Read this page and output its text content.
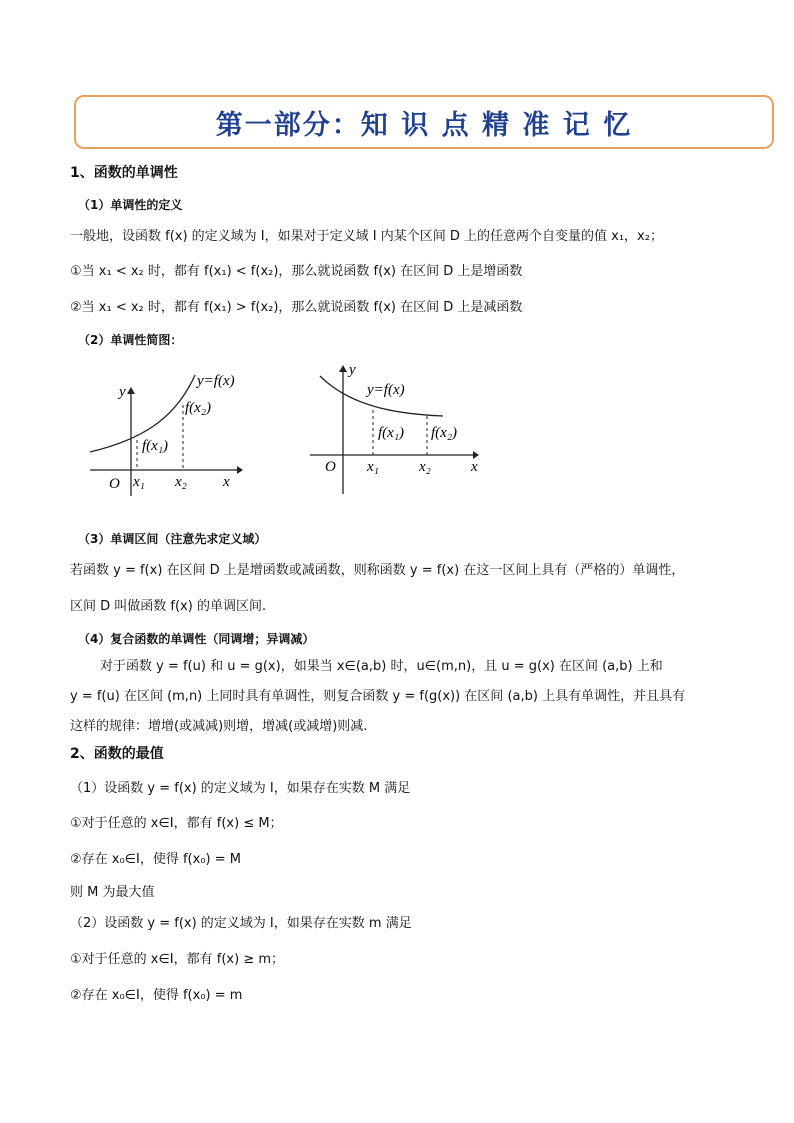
第一部分：知 识 点 精 准 记 忆
1、函数的单调性
（1）单调性的定义
一般地，设函数 f(x) 的定义域为 I，如果对于定义域 I 内某个区间 D 上的任意两个自变量的值 x₁，x₂；
①当 x₁ < x₂ 时，都有 f(x₁) < f(x₂)，那么就说函数 f(x) 在区间 D 上是增函数
②当 x₁ < x₂ 时，都有 f(x₁) > f(x₂)，那么就说函数 f(x) 在区间 D 上是减函数
（2）单调性简图：
y
y=f(x)
f(x₂)
f(x₁)
O x₁ x₂ x
y
y=f(x)
f(x₁) f(x₂)
O x₁	x₂	x
（3）单调区间（注意先求定义域）
若函数 y = f(x) 在区间 D 上是增函数或减函数，则称函数 y = f(x) 在这一区间上具有（严格的）单调性，
区间 D 叫做函数 f(x) 的单调区间.
（4）复合函数的单调性（同调增；异调减）
对于函数 y = f(u) 和 u = g(x)，如果当 x∈(a,b) 时，u∈(m,n)，且 u = g(x) 在区间 (a,b) 上和
y = f(u) 在区间 (m,n) 上同时具有单调性，则复合函数 y = f(g(x)) 在区间 (a,b) 上具有单调性，并且具有
这样的规律：增增(或减减)则增，增减(或减增)则减.
2、函数的最值
（1）设函数 y = f(x) 的定义域为 I，如果存在实数 M 满足
①对于任意的 x∈I，都有 f(x) ≤ M；
②存在 x₀∈I，使得 f(x₀) = M
则 M 为最大值
（2）设函数 y = f(x) 的定义域为 I，如果存在实数 m 满足
①对于任意的 x∈I，都有 f(x) ≥ m；
②存在 x₀∈I，使得 f(x₀) = m
